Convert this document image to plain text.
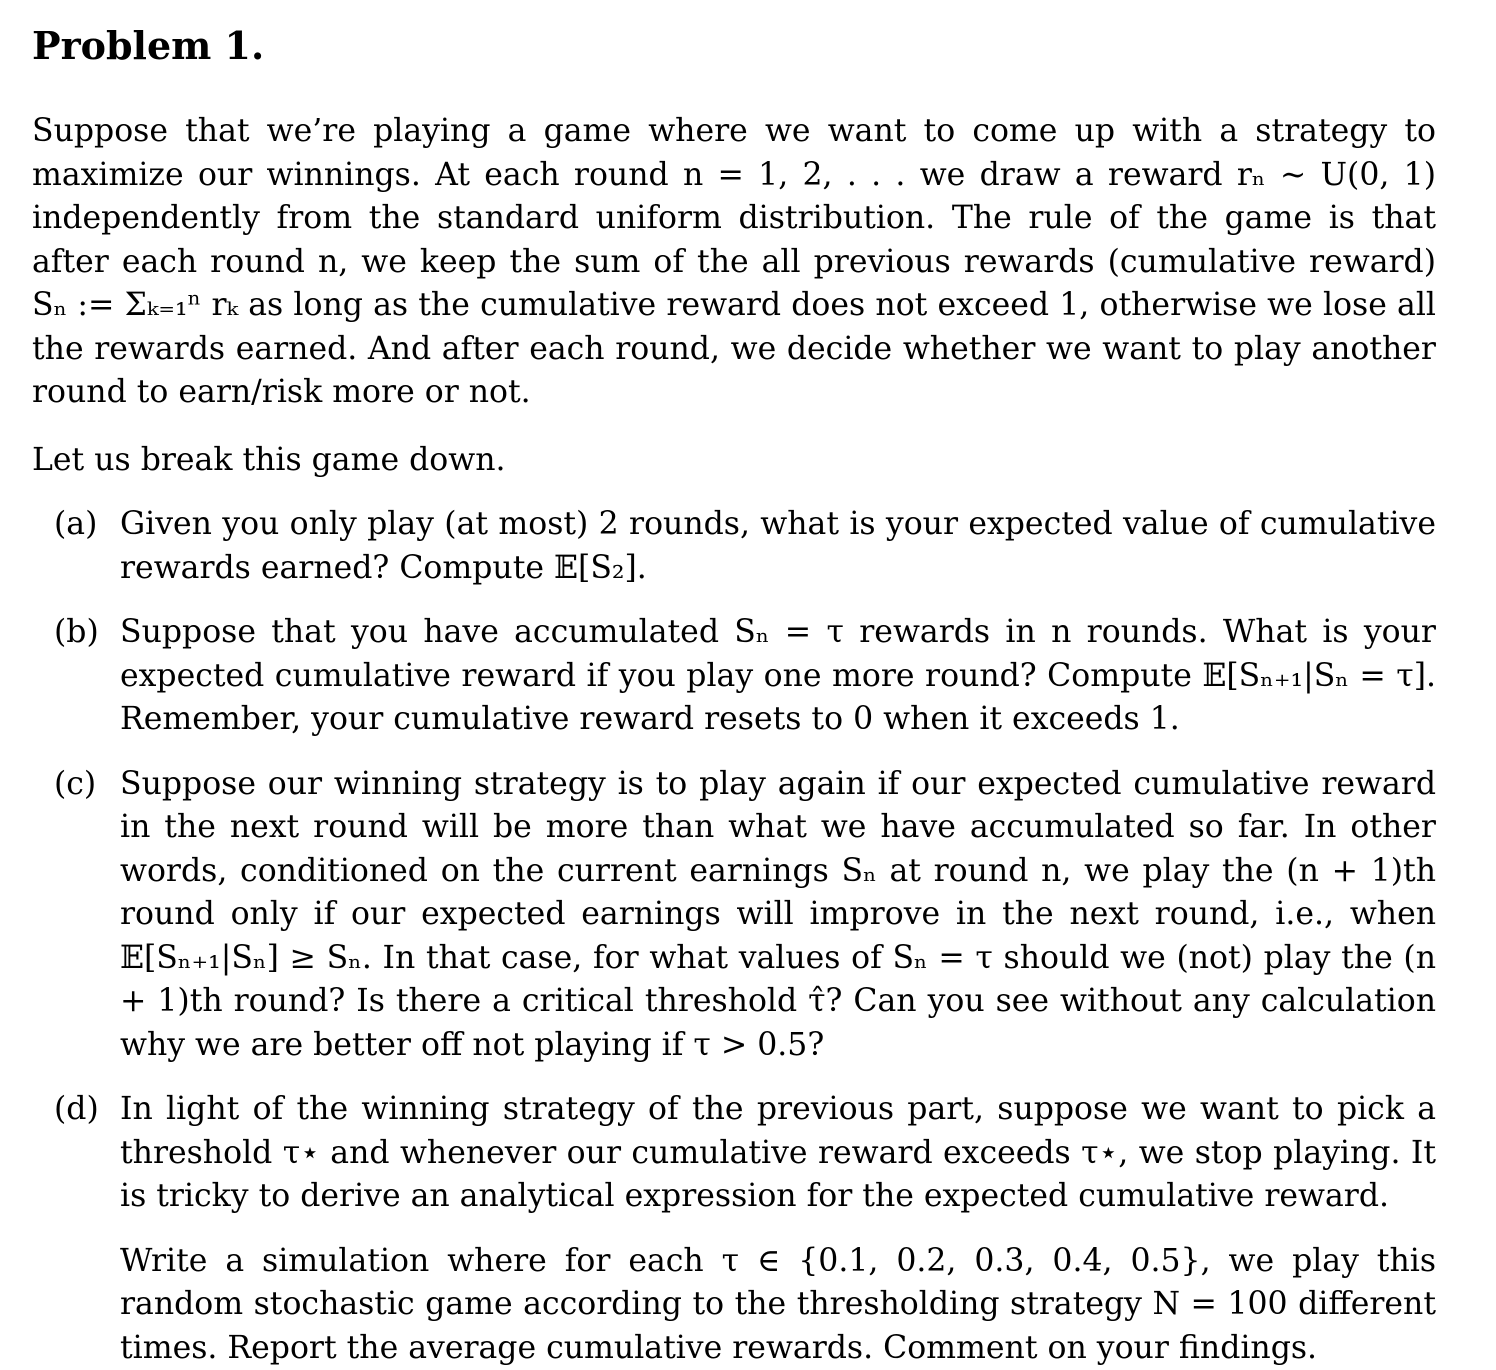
Problem 1.

Suppose that we’re playing a game where we want to come up with a strategy to maximize our winnings. At each round n = 1, 2, . . . we draw a reward rₙ ∼ U(0, 1) independently from the standard uniform distribution. The rule of the game is that after each round n, we keep the sum of the all previous rewards (cumulative reward) Sₙ := Σₖ₌₁ⁿ rₖ as long as the cumulative reward does not exceed 1, otherwise we lose all the rewards earned. And after each round, we decide whether we want to play another round to earn/risk more or not.

Let us break this game down.

(a) Given you only play (at most) 2 rounds, what is your expected value of cumulative rewards earned? Compute 𝔼[S₂].
(b) Suppose that you have accumulated Sₙ = τ rewards in n rounds. What is your expected cumulative reward if you play one more round? Compute 𝔼[Sₙ₊₁|Sₙ = τ]. Remember, your cumulative reward resets to 0 when it exceeds 1.
(c) Suppose our winning strategy is to play again if our expected cumulative reward in the next round will be more than what we have accumulated so far. In other words, conditioned on the current earnings Sₙ at round n, we play the (n + 1)th round only if our expected earnings will improve in the next round, i.e., when 𝔼[Sₙ₊₁|Sₙ] ≥ Sₙ. In that case, for what values of Sₙ = τ should we (not) play the (n + 1)th round? Is there a critical threshold τ̂? Can you see without any calculation why we are better off not playing if τ > 0.5?
(d) In light of the winning strategy of the previous part, suppose we want to pick a threshold τ⋆ and whenever our cumulative reward exceeds τ⋆, we stop playing. It is tricky to derive an analytical expression for the expected cumulative reward.
Write a simulation where for each τ ∈ {0.1, 0.2, 0.3, 0.4, 0.5}, we play this random stochastic game according to the thresholding strategy N = 100 different times. Report the average cumulative rewards. Comment on your findings.
